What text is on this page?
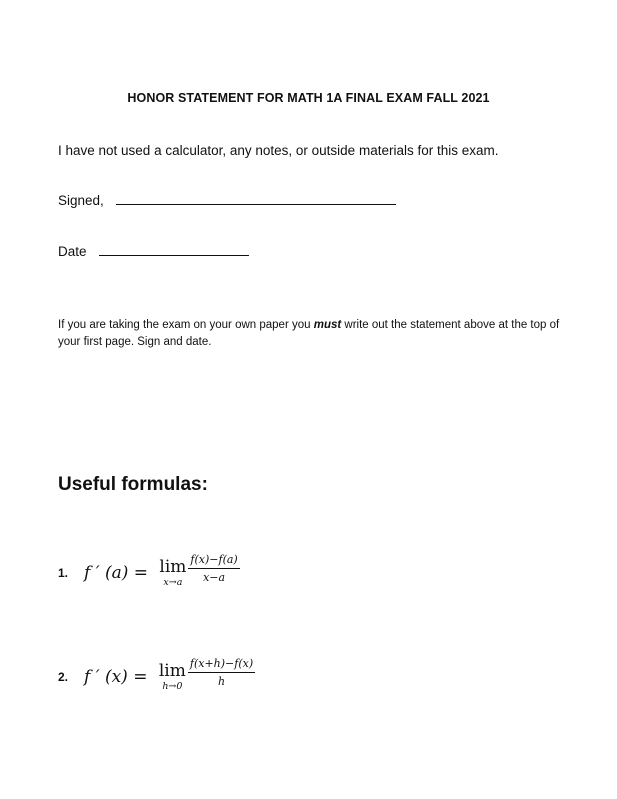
HONOR STATEMENT FOR MATH 1A FINAL EXAM FALL 2021
I have not used a calculator, any notes, or outside materials for this exam.
Signed,
Date
If you are taking the exam on your own paper you must write out the statement above at the top of your first page. Sign and date.
Useful formulas:
1. f ′ (a) = lim
$x\to a \frac{f(x)-f(a)}{x-a}$
2. f ′ (x) = lim
$h\to 0 \frac{f(x+h)-f(x)}{h}$
